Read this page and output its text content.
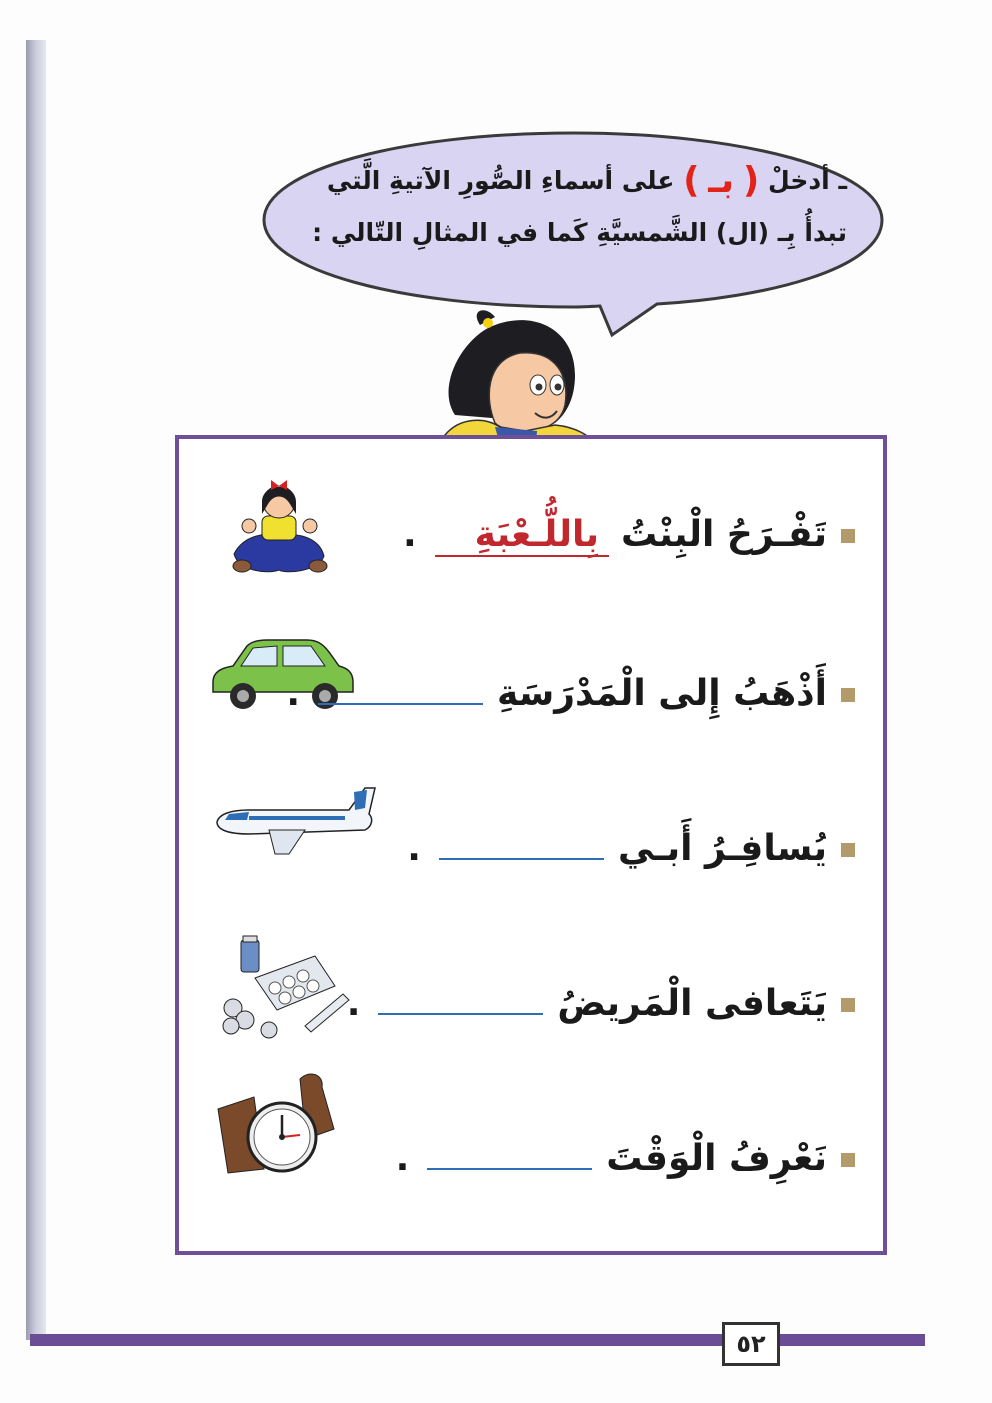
ـ أدخلْ ( بـ ) علی أسماءِ الصُّورِ الآتيةِ الَّتي
تبدأُ بِـ (ال) الشَّمسيَّةِ كَما في المثالِ التّالي :
تَفْـرَحُ الْبِنْتُبِاللُّـعْبَةِ.
أَذْهَبُ إِلى الْمَدْرَسَةِ.
يُسافِـرُ أَبـي.
يَتَعافى الْمَريضُ.
نَعْرِفُ الْوَقْتَ.
٥٢
